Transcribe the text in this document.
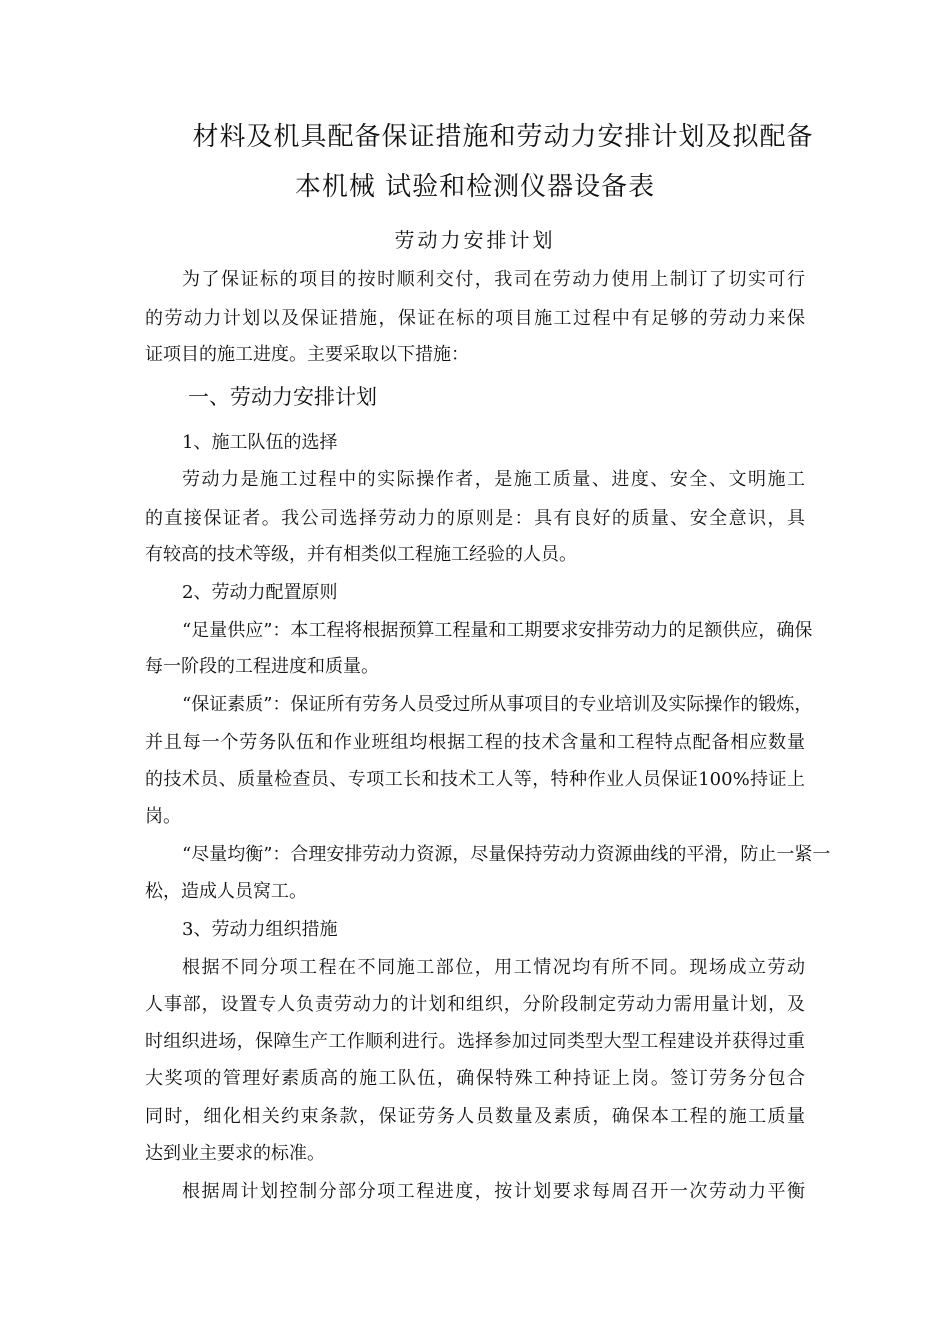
材料及机具配备保证措施和劳动力安排计划及拟配备
本机械 试验和检测仪器设备表
劳动力安排计划
为了保证标的项目的按时顺利交付，我司在劳动力使用上制订了切实可行
的劳动力计划以及保证措施，保证在标的项目施工过程中有足够的劳动力来保
证项目的施工进度。主要采取以下措施：
一、劳动力安排计划
1、施工队伍的选择
劳动力是施工过程中的实际操作者，是施工质量、进度、安全、文明施工
的直接保证者。我公司选择劳动力的原则是：具有良好的质量、安全意识，具
有较高的技术等级，并有相类似工程施工经验的人员。
2、劳动力配置原则
“足量供应”：本工程将根据预算工程量和工期要求安排劳动力的足额供应，确保
每一阶段的工程进度和质量。
“保证素质”：保证所有劳务人员受过所从事项目的专业培训及实际操作的锻炼，
并且每一个劳务队伍和作业班组均根据工程的技术含量和工程特点配备相应数量
的技术员、质量检查员、专项工长和技术工人等，特种作业人员保证100%持证上
岗。
“尽量均衡”：合理安排劳动力资源，尽量保持劳动力资源曲线的平滑，防止一紧一
松，造成人员窝工。
3、劳动力组织措施
根据不同分项工程在不同施工部位，用工情况均有所不同。现场成立劳动
人事部，设置专人负责劳动力的计划和组织，分阶段制定劳动力需用量计划，及
时组织进场，保障生产工作顺利进行。选择参加过同类型大型工程建设并获得过重
大奖项的管理好素质高的施工队伍，确保特殊工种持证上岗。签订劳务分包合
同时，细化相关约束条款，保证劳务人员数量及素质，确保本工程的施工质量
达到业主要求的标准。
根据周计划控制分部分项工程进度，按计划要求每周召开一次劳动力平衡
